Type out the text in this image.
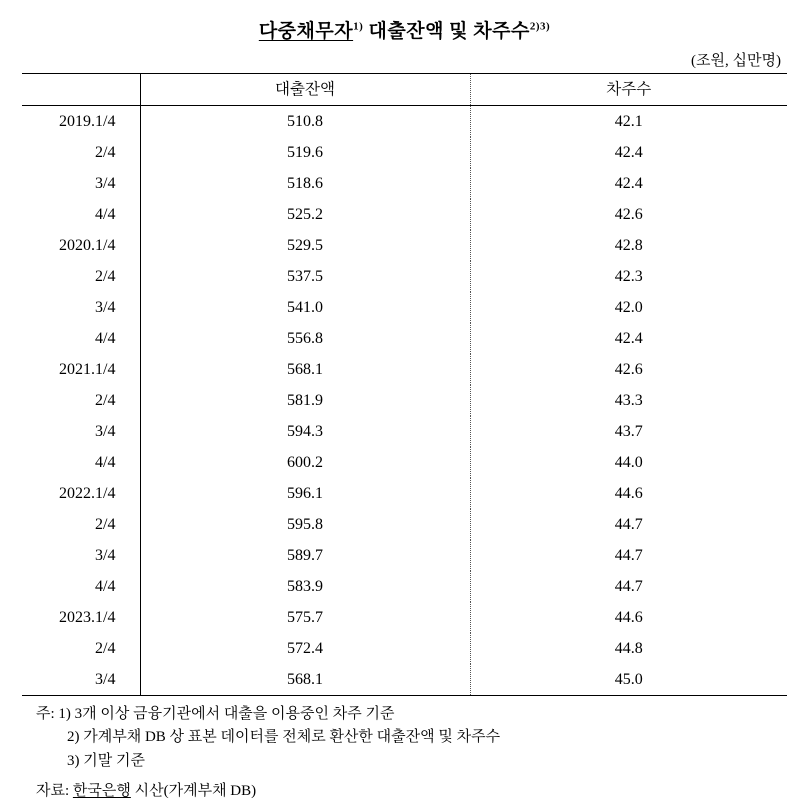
다중채무자$^{1)}$ 대출잔액 및 차주수$^{2)3)}$
(조원, 십만명)
	대출잔액	차주수
2019.1/4	510.8	42.1
2/4	519.6	42.4
3/4	518.6	42.4
4/4	525.2	42.6
2020.1/4	529.5	42.8
2/4	537.5	42.3
3/4	541.0	42.0
4/4	556.8	42.4
2021.1/4	568.1	42.6
2/4	581.9	43.3
3/4	594.3	43.7
4/4	600.2	44.0
2022.1/4	596.1	44.6
2/4	595.8	44.7
3/4	589.7	44.7
4/4	583.9	44.7
2023.1/4	575.7	44.6
2/4	572.4	44.8
3/4	568.1	45.0
주: 1) 3개 이상 금융기관에서 대출을 이용중인 차주 기준
2) 가계부채 DB 상 표본 데이터를 전체로 환산한 대출잔액 및 차주수
3) 기말 기준
자료: 한국은행 시산(가계부채 DB)
